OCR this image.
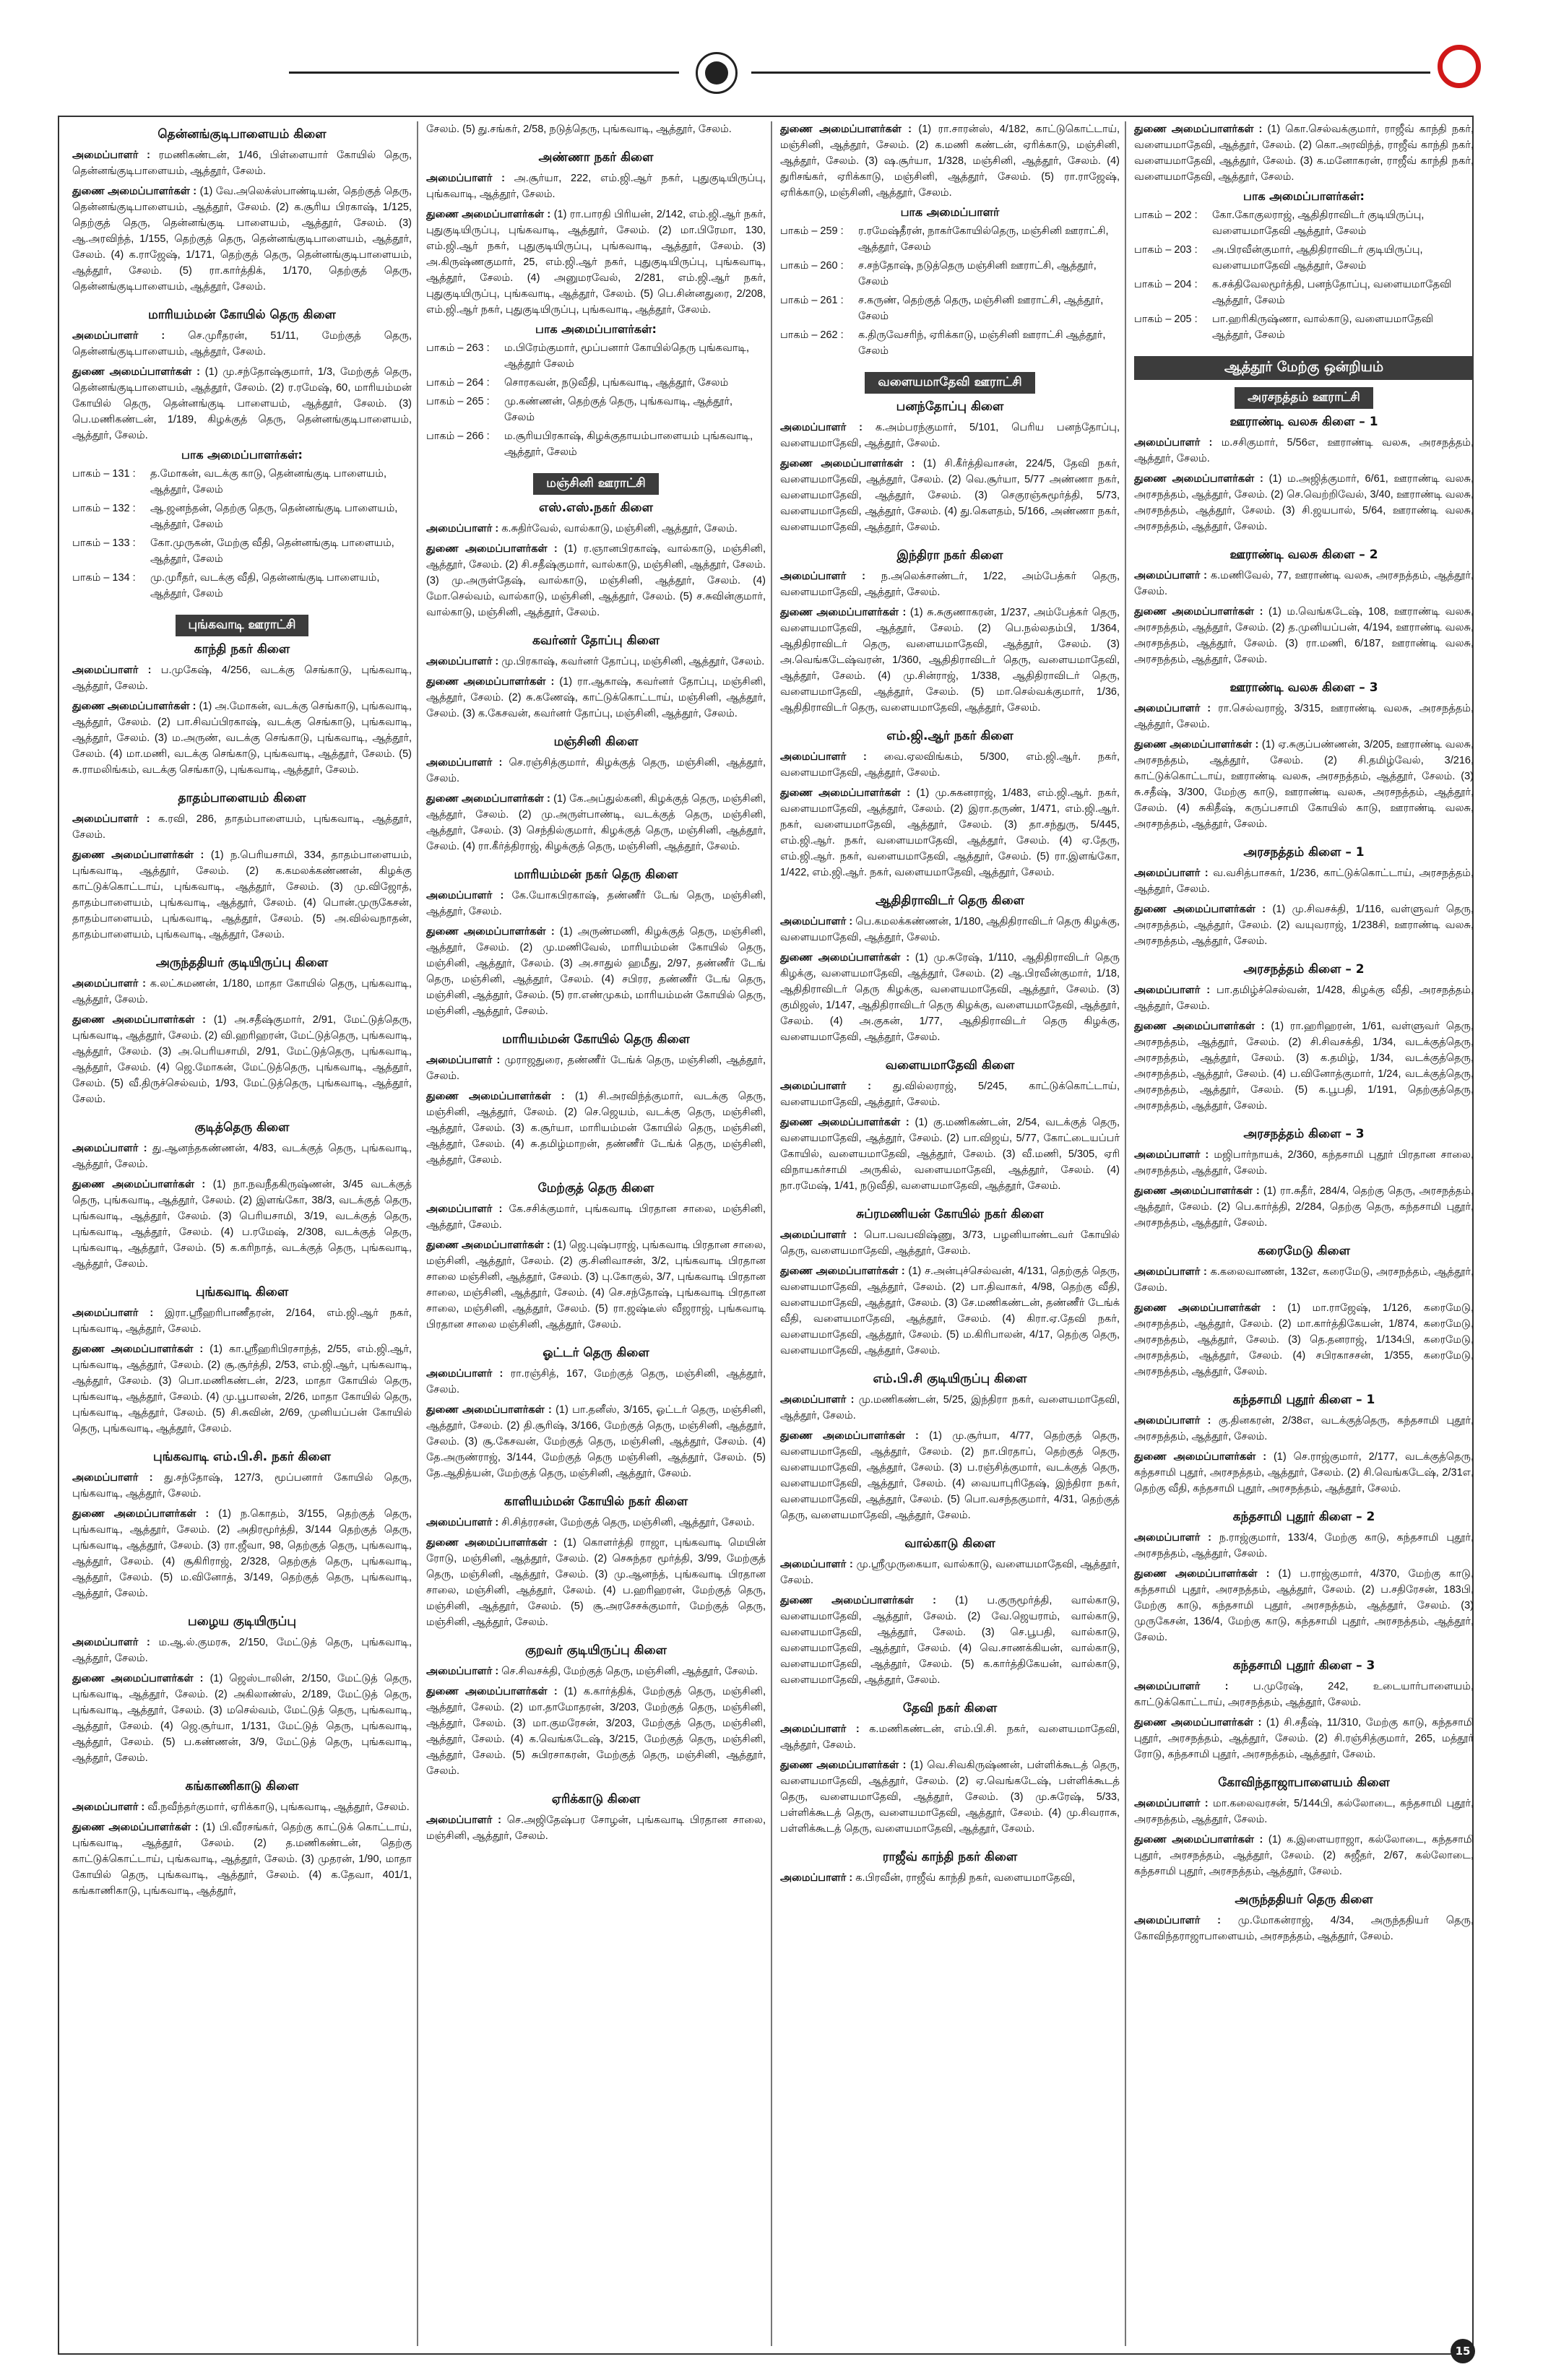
தென்னங்குடிபாளையம் கிளை
அமைப்பாளர் : ரமணிகண்டன், 1/46, பிள்ளையார் கோயில் தெரு, தென்னங்குடிபாளையம், ஆத்தூர், சேலம்.
துணை அமைப்பாளர்கள் : (1) வே.அலெக்ஸ்பாண்டியன், தெற்குத் தெரு, தென்னங்குடிபாளையம், ஆத்தூர், சேலம். (2) க.சூரிய பிரகாஷ், 1/125, தெற்குத் தெரு, தென்னங்குடி பாளையம், ஆத்தூர், சேலம். (3) ஆ.அரவிந்த், 1/155, தெற்குத் தெரு, தென்னங்குடிபாளையம், ஆத்தூர், சேலம். (4) க.ராஜேஷ், 1/171, தெற்குத் தெரு, தென்னங்குடிபாளையம், ஆத்தூர், சேலம். (5) ரா.கார்த்திக், 1/170, தெற்குத் தெரு, தென்னங்குடிபாளையம், ஆத்தூர், சேலம்.
மாரியம்மன் கோயில் தெரு கிளை
அமைப்பாளர் : செ.முரீதரன், 51/11, மேற்குத் தெரு, தென்னங்குடிபாளையம், ஆத்தூர், சேலம்.
துணை அமைப்பாளர்கள் : (1) மு.சந்தோஷ்குமார், 1/3, மேற்குத் தெரு, தென்னங்குடிபாளையம், ஆத்தூர், சேலம். (2) ர.ரமேஷ், 60, மாரியம்மன் கோயில் தெரு, தென்னங்குடி பாளையம், ஆத்தூர், சேலம். (3) பெ.மணிகண்டன், 1/189, கிழக்குத் தெரு, தென்னங்குடிபாளையம், ஆத்தூர், சேலம்.
பாக அமைப்பாளர்கள்:
பாகம் – 131 :	த.மோகன், வடக்கு காடு, தென்னங்குடி பாளையம், ஆத்தூர், சேலம்
பாகம் – 132 :	ஆ.ஜனந்தன், தெற்கு தெரு, தென்னங்குடி பாளையம், ஆத்தூர், சேலம்
பாகம் – 133 :	கோ.முருகன், மேற்கு வீதி, தென்னங்குடி பாளையம், ஆத்தூர், சேலம்
பாகம் – 134 :	மு.முரீதர், வடக்கு வீதி, தென்னங்குடி பாளையம், ஆத்தூர், சேலம்
புங்கவாடி ஊராட்சி
காந்தி நகர் கிளை
அமைப்பாளர் : ப.முகேஷ், 4/256, வடக்கு செங்காடு, புங்கவாடி, ஆத்தூர், சேலம்.
துணை அமைப்பாளர்கள் : (1) அ.மோகன், வடக்கு செங்காடு, புங்கவாடி, ஆத்தூர், சேலம். (2) பா.சிவப்பிரகாஷ், வடக்கு செங்காடு, புங்கவாடி, ஆத்தூர், சேலம். (3) ம.அருண், வடக்கு செங்காடு, புங்கவாடி, ஆத்தூர், சேலம். (4) மா.மணி, வடக்கு செங்காடு, புங்கவாடி, ஆத்தூர், சேலம். (5) சு.ராமலிங்கம், வடக்கு செங்காடு, புங்கவாடி, ஆத்தூர், சேலம்.
தாதம்பாளையம் கிளை
அமைப்பாளர் : க.ரவி, 286, தாதம்பாளையம், புங்கவாடி, ஆத்தூர், சேலம்.
துணை அமைப்பாளர்கள் : (1) ந.பெரியசாமி, 334, தாதம்பாளையம், புங்கவாடி, ஆத்தூர், சேலம். (2) க.கமலக்கண்ணன், கிழக்கு காட்டுக்கொட்டாய், புங்கவாடி, ஆத்தூர், சேலம். (3) மு.விஜோத், தாதம்பாளையம், புங்கவாடி, ஆத்தூர், சேலம். (4) பொன்.முருகேசன், தாதம்பாளையம், புங்கவாடி, ஆத்தூர், சேலம். (5) அ.வில்வநாதன், தாதம்பாளையம், புங்கவாடி, ஆத்தூர், சேலம்.
அருந்ததியர் குடியிருப்பு கிளை
அமைப்பாளர் : க.லட்சுமணன், 1/180, மாதா கோயில் தெரு, புங்கவாடி, ஆத்தூர், சேலம்.
துணை அமைப்பாளர்கள் : (1) அ.சதீஷ்குமார், 2/91, மேட்டுத்தெரு, புங்கவாடி, ஆத்தூர், சேலம். (2) வி.ஹரிஹரன், மேட்டுத்தெரு, புங்கவாடி, ஆத்தூர், சேலம். (3) அ.பெரியசாமி, 2/91, மேட்டுத்தெரு, புங்கவாடி, ஆத்தூர், சேலம். (4) ஜெ.மோகன், மேட்டுத்தெரு, புங்கவாடி, ஆத்தூர், சேலம். (5) வீ.திருச்செல்வம், 1/93, மேட்டுத்தெரு, புங்கவாடி, ஆத்தூர், சேலம்.
குடித்தெரு கிளை
அமைப்பாளர் : து.ஆனந்தகண்ணன், 4/83, வடக்குத் தெரு, புங்கவாடி, ஆத்தூர், சேலம்.
துணை அமைப்பாளர்கள் : (1) நா.நவநீதகிருஷ்ணன், 3/45 வடக்குத் தெரு, புங்கவாடி, ஆத்தூர், சேலம். (2) இளங்கோ, 38/3, வடக்குத் தெரு, புங்கவாடி, ஆத்தூர், சேலம். (3) பெரியசாமி, 3/19, வடக்குத் தெரு, புங்கவாடி, ஆத்தூர், சேலம். (4) ப.ரமேஷ், 2/308, வடக்குத் தெரு, புங்கவாடி, ஆத்தூர், சேலம். (5) க.கரிநாத், வடக்குத் தெரு, புங்கவாடி, ஆத்தூர், சேலம்.
புங்கவாடி கிளை
அமைப்பாளர் : இரா.ஸ்ரீஹரிபாணீதரன், 2/164, எம்.ஜி.ஆர் நகர், புங்கவாடி, ஆத்தூர், சேலம்.
துணை அமைப்பாளர்கள் : (1) கா.ஸ்ரீஹரிபிரசாந்த், 2/55, எம்.ஜி.ஆர், புங்கவாடி, ஆத்தூர், சேலம். (2) சூ.சூர்த்தி, 2/53, எம்.ஜி.ஆர், புங்கவாடி, ஆத்தூர், சேலம். (3) பொ.மணிகண்டன், 2/23, மாதா கோயில் தெரு, புங்கவாடி, ஆத்தூர், சேலம். (4) மு.பூபாலன், 2/26, மாதா கோயில் தெரு, புங்கவாடி, ஆத்தூர், சேலம். (5) சி.சுவின், 2/69, முனியப்பன் கோயில் தெரு, புங்கவாடி, ஆத்தூர், சேலம்.
புங்கவாடி எம்.பி.சி. நகர் கிளை
அமைப்பாளர் : து.சந்தோஷ், 127/3, மூப்பனார் கோயில் தெரு, புங்கவாடி, ஆத்தூர், சேலம்.
துணை அமைப்பாளர்கள் : (1) ந.கொதம், 3/155, தெற்குத் தெரு, புங்கவாடி, ஆத்தூர், சேலம். (2) அதிரமூர்த்தி, 3/144 தெற்குத் தெரு, புங்கவாடி, ஆத்தூர், சேலம். (3) ரா.ஜீவா, 98, தெற்குத் தெரு, புங்கவாடி, ஆத்தூர், சேலம். (4) சூகிரிராஜ், 2/328, தெற்குத் தெரு, புங்கவாடி, ஆத்தூர், சேலம். (5) ம.வினோத், 3/149, தெற்குத் தெரு, புங்கவாடி, ஆத்தூர், சேலம்.
பழைய குடியிருப்பு
அமைப்பாளர் : ம.ஆ.ல்.குமரசு, 2/150, மேட்டுத் தெரு, புங்கவாடி, ஆத்தூர், சேலம்.
துணை அமைப்பாளர்கள் : (1) ஜெஸ்டாலின், 2/150, மேட்டுத் தெரு, புங்கவாடி, ஆத்தூர், சேலம். (2) அகிலாண்ஸ், 2/189, மேட்டுத் தெரு, புங்கவாடி, ஆத்தூர், சேலம். (3) மசெல்வம், மேட்டுத் தெரு, புங்கவாடி, ஆத்தூர், சேலம். (4) ஜெ.சூர்யா, 1/131, மேட்டுத் தெரு, புங்கவாடி, ஆத்தூர், சேலம். (5) ப.கண்ணன், 3/9, மேட்டுத் தெரு, புங்கவாடி, ஆத்தூர், சேலம்.
கங்காணிகாடு கிளை
அமைப்பாளர் : வீ.நவீந்தர்குமார், ஏரிக்காடு, புங்கவாடி, ஆத்தூர், சேலம்.
துணை அமைப்பாளர்கள் : (1) பி.வீரசங்கர், தெற்கு காட்டுக் கொட்டாய், புங்கவாடி, ஆத்தூர், சேலம். (2) த.மணிகண்டன், தெற்கு காட்டுக்கொட்டாய், புங்கவாடி, ஆத்தூர், சேலம். (3) முதரன், 1/90, மாதா கோயில் தெரு, புங்கவாடி, ஆத்தூர், சேலம். (4) க.தேவா, 401/1, கங்காணிகாடு, புங்கவாடி, ஆத்தூர்,
சேலம். (5) து.சங்கர், 2/58, நடுத்தெரு, புங்கவாடி, ஆத்தூர், சேலம்.
அண்ணா நகர் கிளை
அமைப்பாளர் : அ.சூர்யா, 222, எம்.ஜி.ஆர் நகர், புதுகுடியிருப்பு, புங்கவாடி, ஆத்தூர், சேலம்.
துணை அமைப்பாளர்கள் : (1) ரா.பாரதி பிரியன், 2/142, எம்.ஜி.ஆர் நகர், புதுகுடியிருப்பு, புங்கவாடி, ஆத்தூர், சேலம். (2) மா.பிரேமா, 130, எம்.ஜி.ஆர் நகர், புதுகுடியிருப்பு, புங்கவாடி, ஆத்தூர், சேலம். (3) அ.கிருஷ்ணகுமார், 25, எம்.ஜி.ஆர் நகர், புதுகுடியிருப்பு, புங்கவாடி, ஆத்தூர், சேலம். (4) அனுமரவேல், 2/281, எம்.ஜி.ஆர் நகர், புதுகுடியிருப்பு, புங்கவாடி, ஆத்தூர், சேலம். (5) பெ.சின்னதுரை, 2/208, எம்.ஜி.ஆர் நகர், புதுகுடியிருப்பு, புங்கவாடி, ஆத்தூர், சேலம்.
பாக அமைப்பாளர்கள்:
பாகம் – 263 :	ம.பிரேம்குமார், மூப்பனார் கோயில்தெரு புங்கவாடி, ஆத்தூர் சேலம்
பாகம் – 264 :	சொரகவன், நடுவீதி, புங்கவாடி, ஆத்தூர், சேலம்
பாகம் – 265 :	மு.கண்ணன், தெற்குத் தெரு, புங்கவாடி, ஆத்தூர், சேலம்
பாகம் – 266 :	ம.சூரியபிரகாஷ், கிழக்குதாயம்பாளையம் புங்கவாடி, ஆத்தூர், சேலம்
மஞ்சினி ஊராட்சி
எஸ்.எஸ்.நகர் கிளை
அமைப்பாளர் : க.சுதிர்வேல், வால்காடு, மஞ்சினி, ஆத்தூர், சேலம்.
துணை அமைப்பாளர்கள் : (1) ர.ஞானபிரகாஷ், வால்காடு, மஞ்சினி, ஆத்தூர், சேலம். (2) சி.சதீஷ்குமார், வால்காடு, மஞ்சினி, ஆத்தூர், சேலம். (3) மு.அருள்தேஷ், வால்காடு, மஞ்சினி, ஆத்தூர், சேலம். (4) மோ.செல்வம், வால்காடு, மஞ்சினி, ஆத்தூர், சேலம். (5) ச.சுவின்குமார், வால்காடு, மஞ்சினி, ஆத்தூர், சேலம்.
கவர்னர் தோப்பு கிளை
அமைப்பாளர் : மு.பிரகாஷ், கவர்னர் தோப்பு, மஞ்சினி, ஆத்தூர், சேலம்.
துணை அமைப்பாளர்கள் : (1) ரா.ஆகாஷ், கவர்னர் தோப்பு, மஞ்சினி, ஆத்தூர், சேலம். (2) சு.கணேஷ், காட்டுக்கொட்டாய், மஞ்சினி, ஆத்தூர், சேலம். (3) க.கேசவன், கவர்னர் தோப்பு, மஞ்சினி, ஆத்தூர், சேலம்.
மஞ்சினி கிளை
அமைப்பாளர் : செ.ரஞ்சித்குமார், கிழக்குத் தெரு, மஞ்சினி, ஆத்தூர், சேலம்.
துணை அமைப்பாளர்கள் : (1) கே.அப்துல்கனி, கிழக்குத் தெரு, மஞ்சினி, ஆத்தூர், சேலம். (2) மு.அருள்பாண்டி, வடக்குத் தெரு, மஞ்சினி, ஆத்தூர், சேலம். (3) செந்தில்குமார், கிழக்குத் தெரு, மஞ்சினி, ஆத்தூர், சேலம். (4) ரா.கீர்த்திராஜ், கிழக்குத் தெரு, மஞ்சினி, ஆத்தூர், சேலம்.
மாரியம்மன் நகர் தெரு கிளை
அமைப்பாளர் : கே.யோகபிரகாஷ், தண்ணீர் டேங் தெரு, மஞ்சினி, ஆத்தூர், சேலம்.
துணை அமைப்பாளர்கள் : (1) அருண்மணி, கிழக்குத் தெரு, மஞ்சினி, ஆத்தூர், சேலம். (2) மு.மணிவேல், மாரியம்மன் கோயில் தெரு, மஞ்சினி, ஆத்தூர், சேலம். (3) அ.சாதுல் ஹமீது, 2/97, தண்ணீர் டேங் தெரு, மஞ்சினி, ஆத்தூர், சேலம். (4) சபிரர, தண்ணீர் டேங் தெரு, மஞ்சினி, ஆத்தூர், சேலம். (5) ரா.எண்முகம், மாரியம்மன் கோயில் தெரு, மஞ்சினி, ஆத்தூர், சேலம்.
மாரியம்மன் கோயில் தெரு கிளை
அமைப்பாளர் : முராஜதுரை, தண்ணீர் டேங்க் தெரு, மஞ்சினி, ஆத்தூர், சேலம்.
துணை அமைப்பாளர்கள் : (1) சி.அரவிந்த்குமார், வடக்கு தெரு, மஞ்சினி, ஆத்தூர், சேலம். (2) செ.ஜெயம், வடக்கு தெரு, மஞ்சினி, ஆத்தூர், சேலம். (3) க.சூர்யா, மாரியம்மன் கோயில் தெரு, மஞ்சினி, ஆத்தூர், சேலம். (4) சு.தமிழ்மாறன், தண்ணீர் டேங்க் தெரு, மஞ்சினி, ஆத்தூர், சேலம்.
மேற்குத் தெரு கிளை
அமைப்பாளர் : கே.சசிக்குமார், புங்கவாடி பிரதான சாலை, மஞ்சினி, ஆத்தூர், சேலம்.
துணை அமைப்பாளர்கள் : (1) ஜெ.புஷ்பராஜ், புங்கவாடி பிரதான சாலை, மஞ்சினி, ஆத்தூர், சேலம். (2) கு.சினிவாசன், 3/2, புங்கவாடி பிரதான சாலை மஞ்சினி, ஆத்தூர், சேலம். (3) பு.கோகுல், 3/7, புங்கவாடி பிரதான சாலை, மஞ்சினி, ஆத்தூர், சேலம். (4) செ.சந்தோஷ், புங்கவாடி பிரதான சாலை, மஞ்சினி, ஆத்தூர், சேலம். (5) ரா.ஜஷ்டீஸ் வீஜராஜ், புங்கவாடி பிரதான சாலை மஞ்சினி, ஆத்தூர், சேலம்.
ஓட்டர் தெரு கிளை
அமைப்பாளர் : ரா.ரஞ்சித், 167, மேற்குத் தெரு, மஞ்சினி, ஆத்தூர், சேலம்.
துணை அமைப்பாளர்கள் : (1) பா.தனீஸ், 3/165, ஓட்டர் தெரு, மஞ்சினி, ஆத்தூர், சேலம். (2) தி.சூரிஷ், 3/166, மேற்குத் தெரு, மஞ்சினி, ஆத்தூர், சேலம். (3) சூ.கேசவன், மேற்குத் தெரு, மஞ்சினி, ஆத்தூர், சேலம். (4) தே.அருண்ராஜ், 3/144, மேற்குத் தெரு மஞ்சினி, ஆத்தூர், சேலம். (5) தே.ஆதித்யன், மேற்குத் தெரு, மஞ்சினி, ஆத்தூர், சேலம்.
காளியம்மன் கோயில் நகர் கிளை
அமைப்பாளர் : சி.சித்ரரசன், மேற்குத் தெரு, மஞ்சினி, ஆத்தூர், சேலம்.
துணை அமைப்பாளர்கள் : (1) கொளர்த்தி ராஜா, புங்கவாடி மெயின் ரோடு, மஞ்சினி, ஆத்தூர், சேலம். (2) செசுந்தர மூர்த்தி, 3/99, மேற்குத் தெரு, மஞ்சினி, ஆத்தூர், சேலம். (3) மு.ஆனந்த், புங்கவாடி பிரதான சாலை, மஞ்சினி, ஆத்தூர், சேலம். (4) ப.ஹரிஹரன், மேற்குத் தெரு, மஞ்சினி, ஆத்தூர், சேலம். (5) சூ.அரசேசக்குமார், மேற்குத் தெரு, மஞ்சினி, ஆத்தூர், சேலம்.
குறவர் குடியிருப்பு கிளை
அமைப்பாளர் : செ.சிவசக்தி, மேற்குத் தெரு, மஞ்சினி, ஆத்தூர், சேலம்.
துணை அமைப்பாளர்கள் : (1) க.கார்த்திக், மேற்குத் தெரு, மஞ்சினி, ஆத்தூர், சேலம். (2) மா.தாமோதரன், 3/203, மேற்குத் தெரு, மஞ்சினி, ஆத்தூர், சேலம். (3) மா.குமரேசன், 3/203, மேற்குத் தெரு, மஞ்சினி, ஆத்தூர், சேலம். (4) க.வெங்கடேஷ், 3/215, மேற்குத் தெரு, மஞ்சினி, ஆத்தூர், சேலம். (5) சுபிரசாகரன், மேற்குத் தெரு, மஞ்சினி, ஆத்தூர், சேலம்.
ஏரிக்காடு கிளை
அமைப்பாளர் : செ.அஜிதேஷ்பர சோழன், புங்கவாடி பிரதான சாலை, மஞ்சினி, ஆத்தூர், சேலம்.
துணை அமைப்பாளர்கள் : (1) ரா.சாரன்ஸ், 4/182, காட்டுகொட்டாய், மஞ்சினி, ஆத்தூர், சேலம். (2) க.மணி கண்டன், ஏரிக்காடு, மஞ்சினி, ஆத்தூர், சேலம். (3) ஷ.சூர்யா, 1/328, மஞ்சினி, ஆத்தூர், சேலம். (4) துரிசங்கர், ஏரிக்காடு, மஞ்சினி, ஆத்தூர், சேலம். (5) ரா.ராஜேஷ், ஏரிக்காடு, மஞ்சினி, ஆத்தூர், சேலம்.
பாக அமைப்பாளர்
பாகம் – 259 :	ர.ரமேஷ்தீரன், நாகர்கோயில்தெரு, மஞ்சினி ஊராட்சி, ஆத்தூர், சேலம்
பாகம் – 260 :	ச.சந்தோஷ், நடுத்தெரு மஞ்சினி ஊராட்சி, ஆத்தூர், சேலம்
பாகம் – 261 :	ச.கருண், தெற்குத் தெரு, மஞ்சினி ஊராட்சி, ஆத்தூர், சேலம்
பாகம் – 262 :	க.திருவேசரிந், ஏரிக்காடு, மஞ்சினி ஊராட்சி ஆத்தூர், சேலம்
வளையமாதேவி ஊராட்சி
பனந்தோப்பு கிளை
அமைப்பாளர் : க.அம்பரந்குமார், 5/101, பெரிய பனந்தோப்பு, வளையமாதேவி, ஆத்தூர், சேலம்.
துணை அமைப்பாளர்கள் : (1) சி.கீர்த்திவாசன், 224/5, தேவி நகர், வளையமாதேவி, ஆத்தூர், சேலம். (2) வெ.சூர்யா, 5/77 அண்ணா நகர், வளையமாதேவி, ஆத்தூர், சேலம். (3) செகுரஞ்சுமூர்த்தி, 5/73, வளையமாதேவி, ஆத்தூர், சேலம். (4) து.கௌதம், 5/166, அண்ணா நகர், வளையமாதேவி, ஆத்தூர், சேலம்.
இந்திரா நகர் கிளை
அமைப்பாளர் : ந.அலெக்சாண்டர், 1/22, அம்பேத்கர் தெரு, வளையமாதேவி, ஆத்தூர், சேலம்.
துணை அமைப்பாளர்கள் : (1) சு.சுகுணாகரன், 1/237, அம்பேத்கர் தெரு, வளையமாதேவி, ஆத்தூர், சேலம். (2) பெ.நல்லதம்பி, 1/364, ஆதிதிராவிடர் தெரு, வளையமாதேவி, ஆத்தூர், சேலம். (3) அ.வெங்கடேஷ்வரன், 1/360, ஆதிதிராவிடர் தெரு, வளையமாதேவி, ஆத்தூர், சேலம். (4) மு.சின்ராஜ், 1/338, ஆதிதிராவிடர் தெரு, வளையமாதேவி, ஆத்தூர், சேலம். (5) மா.செல்வக்குமார், 1/36, ஆதிதிராவிடர் தெரு, வளையமாதேவி, ஆத்தூர், சேலம்.
எம்.ஜி.ஆர் நகர் கிளை
அமைப்பாளர் : வை.ஏலவிங்கம், 5/300, எம்.ஜி.ஆர். நகர், வளையமாதேவி, ஆத்தூர், சேலம்.
துணை அமைப்பாளர்கள் : (1) மு.சுகனராஜ், 1/483, எம்.ஜி.ஆர். நகர், வளையமாதேவி, ஆத்தூர், சேலம். (2) இரா.தருண், 1/471, எம்.ஜி.ஆர். நகர், வளையமாதேவி, ஆத்தூர், சேலம். (3) தா.சந்துரு, 5/445, எம்.ஜி.ஆர். நகர், வளையமாதேவி, ஆத்தூர், சேலம். (4) ஏ.தேரு, எம்.ஜி.ஆர். நகர், வளையமாதேவி, ஆத்தூர், சேலம். (5) ரா.இளங்கோ, 1/422, எம்.ஜி.ஆர். நகர், வளையமாதேவி, ஆத்தூர், சேலம்.
ஆதிதிராவிடர் தெரு கிளை
அமைப்பாளர் : பெ.கமலக்கண்ணன், 1/180, ஆதிதிராவிடர் தெரு கிழக்கு, வளையமாதேவி, ஆத்தூர், சேலம்.
துணை அமைப்பாளர்கள் : (1) மு.சுரேஷ், 1/110, ஆதிதிராவிடர் தெரு கிழக்கு, வளையமாதேவி, ஆத்தூர், சேலம். (2) ஆ.பிரவீன்குமார், 1/18, ஆதிதிராவிடர் தெரு கிழக்கு, வளையமாதேவி, ஆத்தூர், சேலம். (3) குமிஜஸ், 1/147, ஆதிதிராவிடர் தெரு கிழக்கு, வளையமாதேவி, ஆத்தூர், சேலம். (4) அ.குகன், 1/77, ஆதிதிராவிடர் தெரு கிழக்கு, வளையமாதேவி, ஆத்தூர், சேலம்.
வளையமாதேவி கிளை
அமைப்பாளர் : து.வில்லராஜ், 5/245, காட்டுக்கொட்டாய், வளையமாதேவி, ஆத்தூர், சேலம்.
துணை அமைப்பாளர்கள் : (1) கு.மணிகண்டன், 2/54, வடக்குத் தெரு, வளையமாதேவி, ஆத்தூர், சேலம். (2) பா.விஜய், 5/77, கோட்டையப்பர் கோயில், வளையமாதேவி, ஆத்தூர், சேலம். (3) வீ.மணி, 5/305, ஏரி விநாயகர்சாமி அருகில், வளையமாதேவி, ஆத்தூர், சேலம். (4) நா.ரமேஷ், 1/41, நடுவீதி, வளையமாதேவி, ஆத்தூர், சேலம்.
சுப்ரமணியன் கோயில் நகர் கிளை
அமைப்பாளர் : பொ.பவபவிஷ்ணு, 3/73, பழனியாண்டவர் கோயில் தெரு, வளையமாதேவி, ஆத்தூர், சேலம்.
துணை அமைப்பாளர்கள் : (1) ச.அன்புச்செல்வன், 4/131, தெற்குத் தெரு, வளையமாதேவி, ஆத்தூர், சேலம். (2) பா.திவாகர், 4/98, தெற்கு வீதி, வளையமாதேவி, ஆத்தூர், சேலம். (3) சே.மணிகண்டன், தண்ணீர் டேங்க் வீதி, வளையமாதேவி, ஆத்தூர், சேலம். (4) கிரா.ஏ.தேவி நகர், வளையமாதேவி, ஆத்தூர், சேலம். (5) ம.கிரிபாலன், 4/17, தெற்கு தெரு, வளையமாதேவி, ஆத்தூர், சேலம்.
எம்.பி.சி குடியிருப்பு கிளை
அமைப்பாளர் : மு.மணிகண்டன், 5/25, இந்திரா நகர், வளையமாதேவி, ஆத்தூர், சேலம்.
துணை அமைப்பாளர்கள் : (1) மு.சூர்யா, 4/77, தெற்குத் தெரு, வளையமாதேவி, ஆத்தூர், சேலம். (2) நா.பிரதாப், தெற்குத் தெரு, வளையமாதேவி, ஆத்தூர், சேலம். (3) ப.ரஞ்சித்குமார், வடக்குத் தெரு, வளையமாதேவி, ஆத்தூர், சேலம். (4) வையாபுரிதேஷ், இந்திரா நகர், வளையமாதேவி, ஆத்தூர், சேலம். (5) பொ.வசந்தகுமார், 4/31, தெற்குத் தெரு, வளையமாதேவி, ஆத்தூர், சேலம்.
வால்காடு கிளை
அமைப்பாளர் : மு.ஸ்ரீமுருகையா, வால்காடு, வளையமாதேவி, ஆத்தூர், சேலம்.
துணை அமைப்பாளர்கள் : (1) ப.குருமூர்த்தி, வால்காடு, வளையமாதேவி, ஆத்தூர், சேலம். (2) வே.ஜெயராம், வால்காடு, வளையமாதேவி, ஆத்தூர், சேலம். (3) செ.பூபதி, வால்காடு, வளையமாதேவி, ஆத்தூர், சேலம். (4) வெ.சாணக்கியன், வால்காடு, வளையமாதேவி, ஆத்தூர், சேலம். (5) க.கார்த்திகேயன், வால்காடு, வளையமாதேவி, ஆத்தூர், சேலம்.
தேவி நகர் கிளை
அமைப்பாளர் : க.மணிகண்டன், எம்.பி.சி. நகர், வளையமாதேவி, ஆத்தூர், சேலம்.
துணை அமைப்பாளர்கள் : (1) வெ.சிவகிருஷ்ணன், பள்ளிக்கூடத் தெரு, வளையமாதேவி, ஆத்தூர், சேலம். (2) ஏ.வெங்கடேஷ், பள்ளிக்கூடத் தெரு, வளையமாதேவி, ஆத்தூர், சேலம். (3) மு.சுரேஷ், 5/33, பள்ளிக்கூடத் தெரு, வளையமாதேவி, ஆத்தூர், சேலம். (4) மு.சிவராசு, பள்ளிக்கூடத் தெரு, வளையமாதேவி, ஆத்தூர், சேலம்.
ராஜீவ் காந்தி நகர் கிளை
அமைப்பாளர் : க.பிரவீன், ராஜீவ் காந்தி நகர், வளையமாதேவி,
துணை அமைப்பாளர்கள் : (1) கொ.செல்வக்குமார், ராஜீவ் காந்தி நகர், வளையமாதேவி, ஆத்தூர், சேலம். (2) கொ.அரவிந்த், ராஜீவ் காந்தி நகர், வளையமாதேவி, ஆத்தூர், சேலம். (3) க.மனோகரன், ராஜீவ் காந்தி நகர், வளையமாதேவி, ஆத்தூர், சேலம்.
பாக அமைப்பாளர்கள்:
பாகம் – 202 :	கோ.கோகுலராஜ், ஆதிதிராவிடர் குடியிருப்பு, வளையமாதேவி ஆத்தூர், சேலம்
பாகம் – 203 :	அ.பிரவீன்குமார், ஆதிதிராவிடர் குடியிருப்பு, வளையமாதேவி ஆத்தூர், சேலம்
பாகம் – 204 :	க.சக்திவேலமூர்த்தி, பனந்தோப்பு, வளையமாதேவி ஆத்தூர், சேலம்
பாகம் – 205 :	பா.ஹரிகிருஷ்ணா, வால்காடு, வளையமாதேவி ஆத்தூர், சேலம்
ஆத்தூர் மேற்கு ஒன்றியம்
அரசநத்தம் ஊராட்சி
ஊராண்டி வலசு கிளை – 1
அமைப்பாளர் : ம.சசிகுமார், 5/56எ, ஊராண்டி வலசு, அரசநத்தம், ஆத்தூர், சேலம்.
துணை அமைப்பாளர்கள் : (1) ம.அஜித்குமார், 6/61, ஊராண்டி வலசு, அரசநத்தம், ஆத்தூர், சேலம். (2) செ.வெற்றிவேல், 3/40, ஊராண்டி வலசு, அரசநத்தம், ஆத்தூர், சேலம். (3) சி.ஜயபால், 5/64, ஊராண்டி வலசு, அரசநத்தம், ஆத்தூர், சேலம்.
ஊராண்டி வலசு கிளை – 2
அமைப்பாளர் : க.மணிவேல், 77, ஊராண்டி வலசு, அரசநத்தம், ஆத்தூர், சேலம்.
துணை அமைப்பாளர்கள் : (1) ம.வெங்கடேஷ், 108, ஊராண்டி வலசு, அரசநத்தம், ஆத்தூர், சேலம். (2) த.முனியப்பன், 4/194, ஊராண்டி வலசு, அரசநத்தம், ஆத்தூர், சேலம். (3) ரா.மணி, 6/187, ஊராண்டி வலசு, அரசநத்தம், ஆத்தூர், சேலம்.
ஊராண்டி வலசு கிளை – 3
அமைப்பாளர் : ரா.செல்வராஜ், 3/315, ஊராண்டி வலசு, அரசநத்தம், ஆத்தூர், சேலம்.
துணை அமைப்பாளர்கள் : (1) ஏ.சுகுப்பண்ணன், 3/205, ஊராண்டி வலசு, அரசநத்தம், ஆத்தூர், சேலம். (2) சி.தமிழ்வேல், 3/216, காட்டுக்கொட்டாய், ஊராண்டி வலசு, அரசநத்தம், ஆத்தூர், சேலம். (3) சு.சதீஷ், 3/300, மேற்கு காடு, ஊராண்டி வலசு, அரசநத்தம், ஆத்தூர், சேலம். (4) சுகிதீஷ், கருப்பசாமி கோயில் காடு, ஊராண்டி வலசு, அரசநத்தம், ஆத்தூர், சேலம்.
அரசநத்தம் கிளை – 1
அமைப்பாளர் : வ.வசித்பாசகர், 1/236, காட்டுக்கொட்டாய், அரசநத்தம், ஆத்தூர், சேலம்.
துணை அமைப்பாளர்கள் : (1) மு.சிவசக்தி, 1/116, வள்ளுவர் தெரு, அரசநத்தம், ஆத்தூர், சேலம். (2) வயுவராஜ், 1/238சி, ஊராண்டி வலசு, அரசநத்தம், ஆத்தூர், சேலம்.
அரசநத்தம் கிளை – 2
அமைப்பாளர் : பா.தமிழ்ச்செல்வன், 1/428, கிழக்கு வீதி, அரசநத்தம், ஆத்தூர், சேலம்.
துணை அமைப்பாளர்கள் : (1) ரா.ஹரிஹரன், 1/61, வள்ளுவர் தெரு, அரசநத்தம், ஆத்தூர், சேலம். (2) சி.சிவசக்தி, 1/34, வடக்குத்தெரு, அரசநத்தம், ஆத்தூர், சேலம். (3) க.தமிழ், 1/34, வடக்குத்தெரு, அரசநத்தம், ஆத்தூர், சேலம். (4) ப.வினோத்குமார், 1/24, வடக்குத்தெரு, அரசநத்தம், ஆத்தூர், சேலம். (5) க.பூபதி, 1/191, தெற்குத்தெரு, அரசநத்தம், ஆத்தூர், சேலம்.
அரசநத்தம் கிளை – 3
அமைப்பாளர் : மஜிபார்நாயக், 2/360, கந்தசாமி புதூர் பிரதான சாலை, அரசநத்தம், ஆத்தூர், சேலம்.
துணை அமைப்பாளர்கள் : (1) ரா.சுதீர், 284/4, தெற்கு தெரு, அரசநத்தம், ஆத்தூர், சேலம். (2) பெ.கார்த்தி, 2/284, தெற்கு தெரு, கந்தசாமி புதூர், அரசநத்தம், ஆத்தூர், சேலம்.
கரைமேடு கிளை
அமைப்பாளர் : க.கலைவாணன், 132எ, கரைமேடு, அரசநத்தம், ஆத்தூர், சேலம்.
துணை அமைப்பாளர்கள் : (1) மா.ராஜேஷ், 1/126, கரைமேடு, அரசநத்தம், ஆத்தூர், சேலம். (2) மா.கார்த்திகேயன், 1/874, கரைமேடு, அரசநத்தம், ஆத்தூர், சேலம். (3) தெ.தனராஜ், 1/134பி, கரைமேடு, அரசநத்தம், ஆத்தூர், சேலம். (4) சபிரகாசசன், 1/355, கரைமேடு, அரசநத்தம், ஆத்தூர், சேலம்.
கந்தசாமி புதூர் கிளை – 1
அமைப்பாளர் : கு.தினகரன், 2/38எ, வடக்குத்தெரு, கந்தசாமி புதூர், அரசநத்தம், ஆத்தூர், சேலம்.
துணை அமைப்பாளர்கள் : (1) செ.ராஜ்குமார், 2/177, வடக்குத்தெரு, கந்தசாமி புதூர், அரசநத்தம், ஆத்தூர், சேலம். (2) சி.வெங்கடேஷ், 2/31எ, தெற்கு வீதி, கந்தசாமி புதூர், அரசநத்தம், ஆத்தூர், சேலம்.
கந்தசாமி புதூர் கிளை – 2
அமைப்பாளர் : ந.ராஜ்குமார், 133/4, மேற்கு காடு, கந்தசாமி புதூர், அரசநத்தம், ஆத்தூர், சேலம்.
துணை அமைப்பாளர்கள் : (1) ப.ராஜ்குமார், 4/370, மேற்கு காடு, கந்தசாமி புதூர், அரசநத்தம், ஆத்தூர், சேலம். (2) ப.சதிரேசன், 183பி, மேற்கு காடு, கந்தசாமி புதூர், அரசநத்தம், ஆத்தூர், சேலம். (3) முருகேசன், 136/4, மேற்கு காடு, கந்தசாமி புதூர், அரசநத்தம், ஆத்தூர், சேலம்.
கந்தசாமி புதூர் கிளை – 3
அமைப்பாளர் : ப.முரேஷ், 242, உடையார்பாளையம், காட்டுக்கொட்டாய், அரசநத்தம், ஆத்தூர், சேலம்.
துணை அமைப்பாளர்கள் : (1) சி.சதீஷ், 11/310, மேற்கு காடு, கந்தசாமி புதூர், அரசநத்தம், ஆத்தூர், சேலம். (2) சி.ரஞ்சித்குமார், 265, மத்தூர் ரோடு, கந்தசாமி புதூர், அரசநத்தம், ஆத்தூர், சேலம்.
கோவிந்தாஜாபாளையம் கிளை
அமைப்பாளர் : மா.கலைவரசன், 5/144பி, கல்லோடை, கந்தசாமி புதூர், அரசநத்தம், ஆத்தூர், சேலம்.
துணை அமைப்பாளர்கள் : (1) க.இளையராஜா, கல்லோடை, கந்தசாமி புதூர், அரசநத்தம், ஆத்தூர், சேலம். (2) சுஜீதர், 2/67, கல்லோடை, கந்தசாமி புதூர், அரசநத்தம், ஆத்தூர், சேலம்.
அருந்ததியர் தெரு கிளை
அமைப்பாளர் : மு.மோகன்ராஜ், 4/34, அருந்ததியர் தெரு, கோவிந்தராஜாபாளையம், அரசநத்தம், ஆத்தூர், சேலம்.
15
